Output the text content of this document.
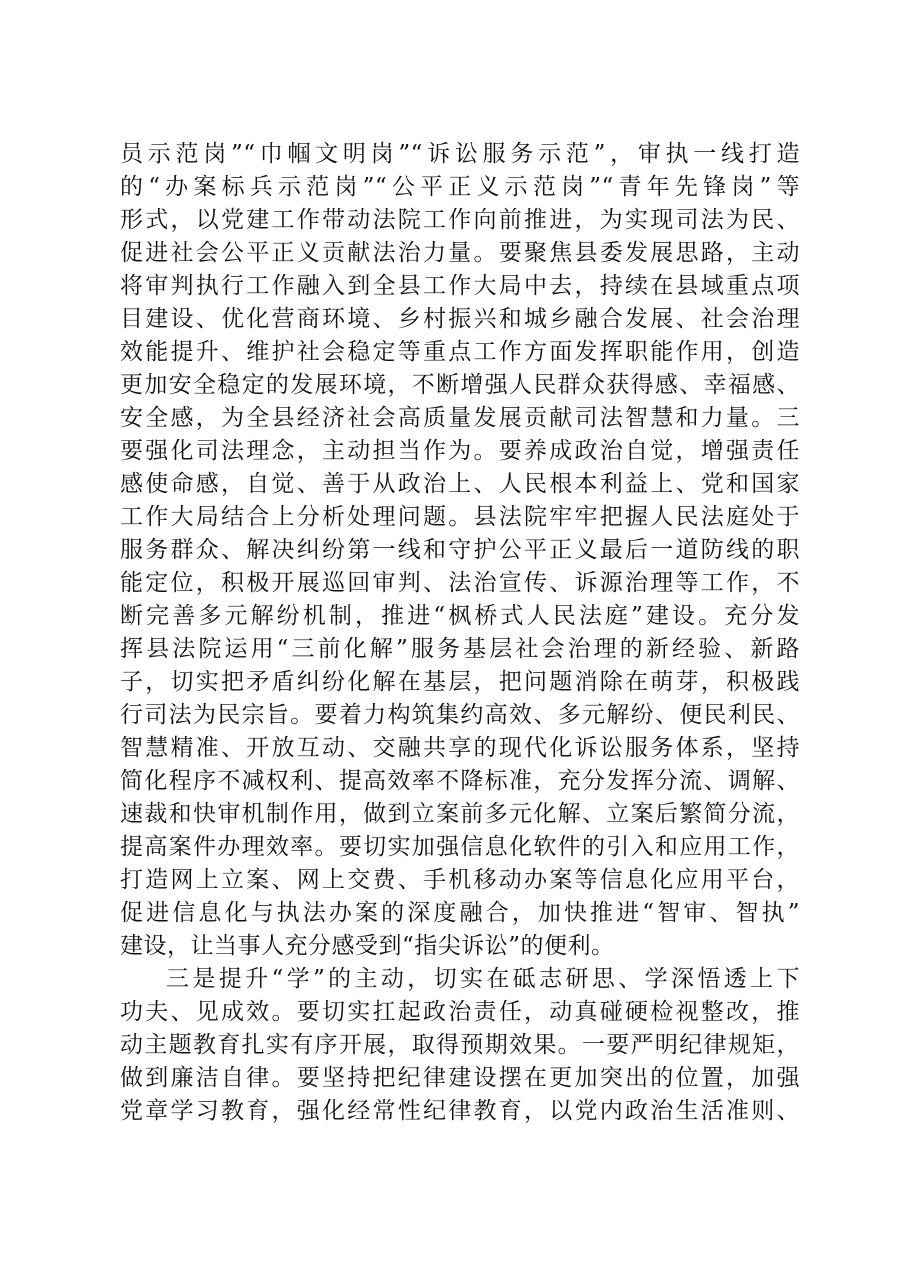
员示范岗”“巾帼文明岗”“诉讼服务示范”，审执一线打造
的“办案标兵示范岗”“公平正义示范岗”“青年先锋岗”等
形式，以党建工作带动法院工作向前推进，为实现司法为民、
促进社会公平正义贡献法治力量。要聚焦县委发展思路，主动
将审判执行工作融入到全县工作大局中去，持续在县域重点项
目建设、优化营商环境、乡村振兴和城乡融合发展、社会治理
效能提升、维护社会稳定等重点工作方面发挥职能作用，创造
更加安全稳定的发展环境，不断增强人民群众获得感、幸福感、
安全感，为全县经济社会高质量发展贡献司法智慧和力量。三
要强化司法理念，主动担当作为。要养成政治自觉，增强责任
感使命感，自觉、善于从政治上、人民根本利益上、党和国家
工作大局结合上分析处理问题。县法院牢牢把握人民法庭处于
服务群众、解决纠纷第一线和守护公平正义最后一道防线的职
能定位，积极开展巡回审判、法治宣传、诉源治理等工作，不
断完善多元解纷机制，推进“枫桥式人民法庭”建设。充分发
挥县法院运用“三前化解”服务基层社会治理的新经验、新路
子，切实把矛盾纠纷化解在基层，把问题消除在萌芽，积极践
行司法为民宗旨。要着力构筑集约高效、多元解纷、便民利民、
智慧精准、开放互动、交融共享的现代化诉讼服务体系，坚持
简化程序不减权利、提高效率不降标准，充分发挥分流、调解、
速裁和快审机制作用，做到立案前多元化解、立案后繁简分流，
提高案件办理效率。要切实加强信息化软件的引入和应用工作，
打造网上立案、网上交费、手机移动办案等信息化应用平台，
促进信息化与执法办案的深度融合，加快推进“智审、智执”
建设，让当事人充分感受到“指尖诉讼”的便利。
三是提升“学”的主动，切实在砥志研思、学深悟透上下
功夫、见成效。要切实扛起政治责任，动真碰硬检视整改，推
动主题教育扎实有序开展，取得预期效果。一要严明纪律规矩，
做到廉洁自律。要坚持把纪律建设摆在更加突出的位置，加强
党章学习教育，强化经常性纪律教育，以党内政治生活准则、
